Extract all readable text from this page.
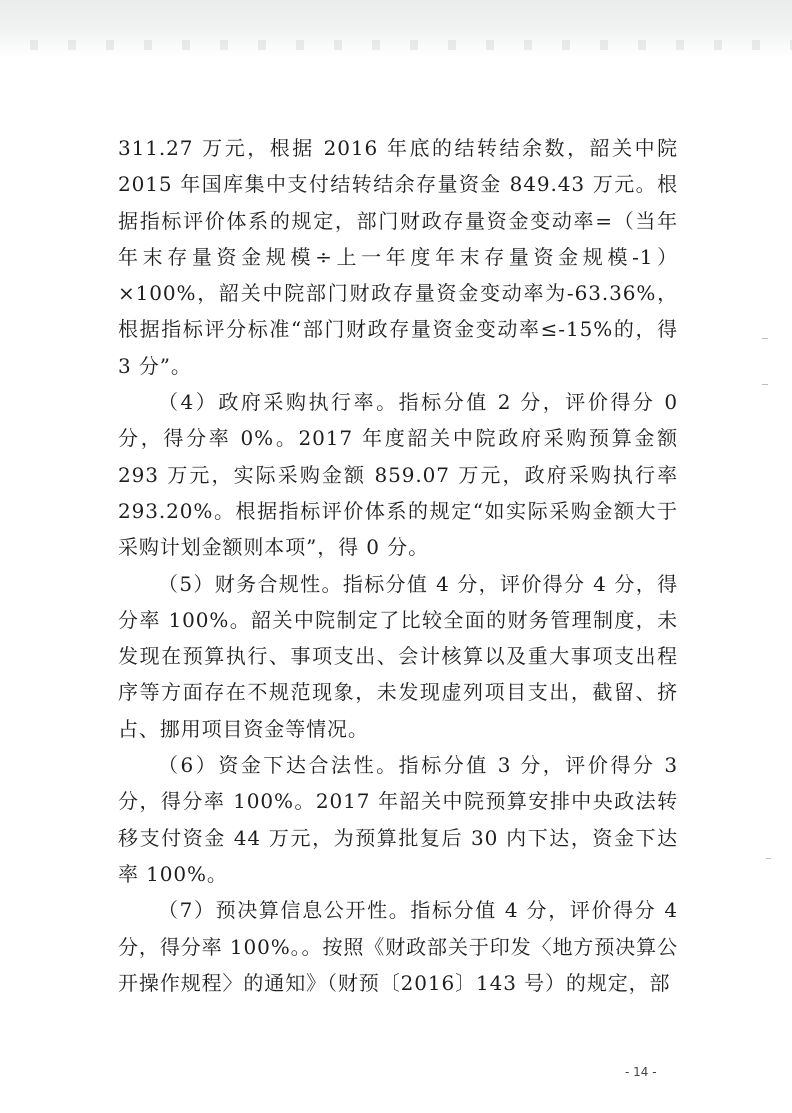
311.27 万元，根据 2016 年底的结转结余数，韶关中院 2015 年国库集中支付结转结余存量资金 849.43 万元。根据指标评价体系的规定，部门财政存量资金变动率=（当年年末存量资金规模÷上一年度年末存量资金规模-1）×100%，韶关中院部门财政存量资金变动率为-63.36%，根据指标评分标准“部门财政存量资金变动率≤-15%的，得 3 分”。

（4）政府采购执行率。指标分值 2 分，评价得分 0 分，得分率 0%。2017 年度韶关中院政府采购预算金额 293 万元，实际采购金额 859.07 万元，政府采购执行率 293.20%。根据指标评价体系的规定“如实际采购金额大于采购计划金额则本项”，得 0 分。

（5）财务合规性。指标分值 4 分，评价得分 4 分，得分率 100%。韶关中院制定了比较全面的财务管理制度，未发现在预算执行、事项支出、会计核算以及重大事项支出程序等方面存在不规范现象，未发现虚列项目支出，截留、挤占、挪用项目资金等情况。

（6）资金下达合法性。指标分值 3 分，评价得分 3 分，得分率 100%。2017 年韶关中院预算安排中央政法转移支付资金 44 万元，为预算批复后 30 内下达，资金下达率 100%。

（7）预决算信息公开性。指标分值 4 分，评价得分 4 分，得分率 100%。。按照《财政部关于印发〈地方预决算公开操作规程〉的通知》（财预〔2016〕143 号）的规定，部

- 14 -
